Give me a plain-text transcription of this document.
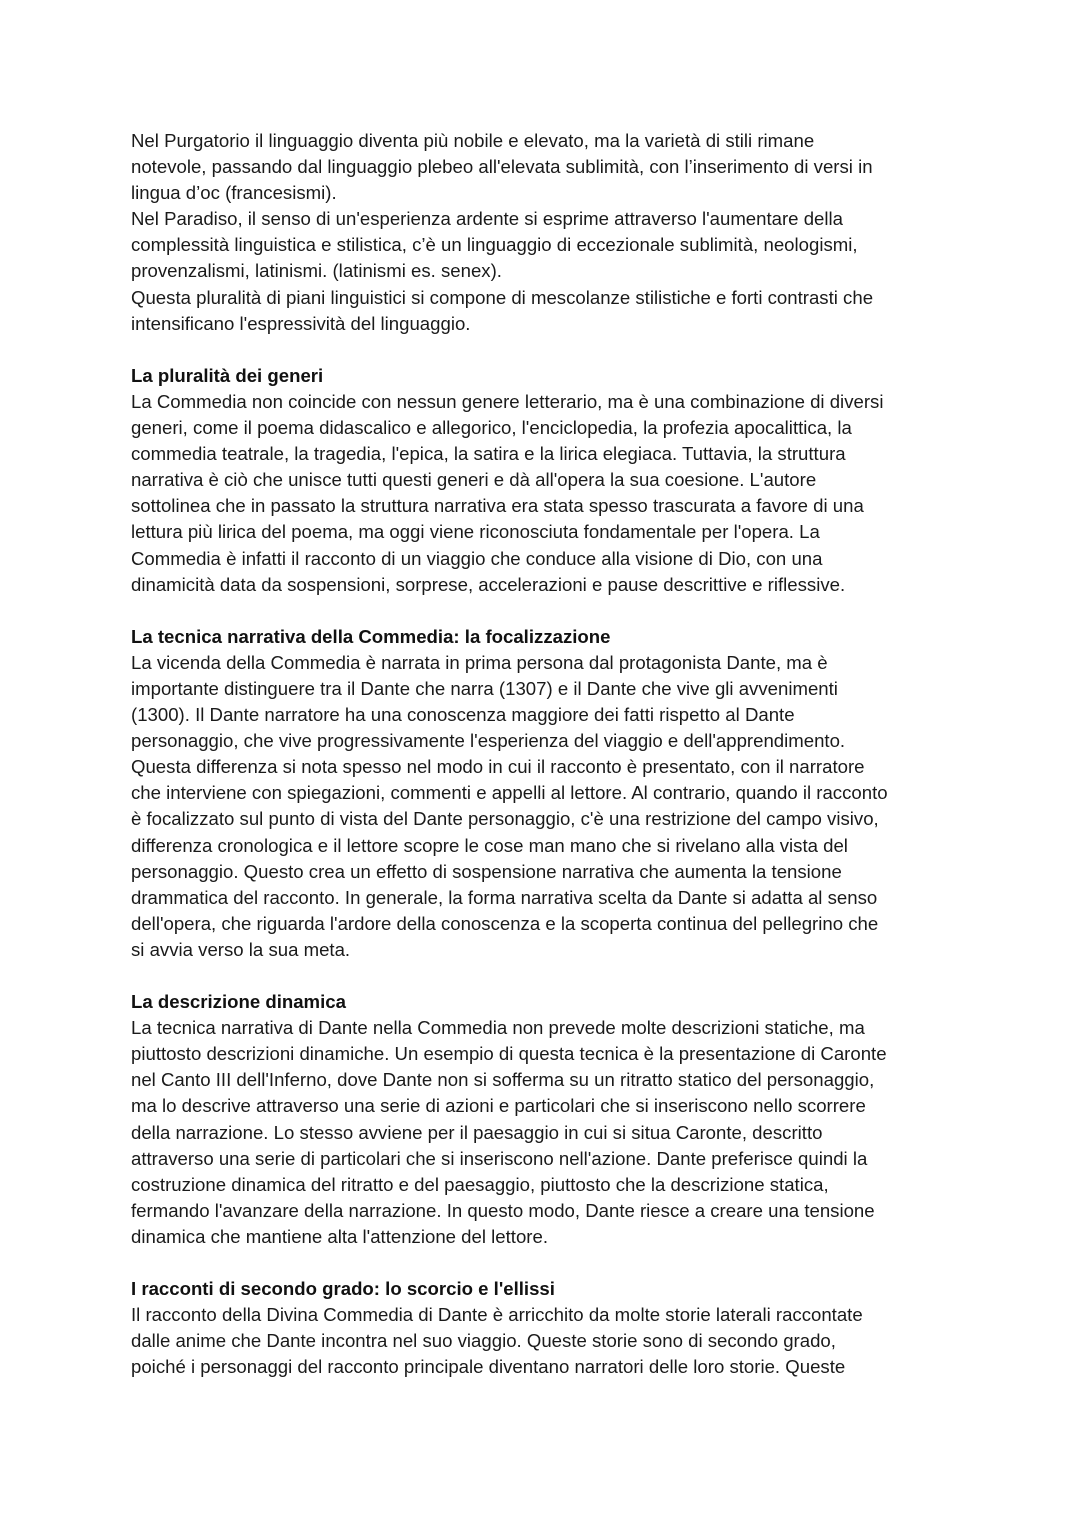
Nel Purgatorio il linguaggio diventa più nobile e elevato, ma la varietà di stili rimane
notevole, passando dal linguaggio plebeo all'elevata sublimità, con l’inserimento di versi in
lingua d’oc (francesismi).

Nel Paradiso, il senso di un'esperienza ardente si esprime attraverso l'aumentare della
complessità linguistica e stilistica, c’è un linguaggio di eccezionale sublimità, neologismi,
provenzalismi, latinismi. (latinismi es. senex).

Questa pluralità di piani linguistici si compone di mescolanze stilistiche e forti contrasti che
intensificano l'espressività del linguaggio.

La pluralità dei generi

La Commedia non coincide con nessun genere letterario, ma è una combinazione di diversi
generi, come il poema didascalico e allegorico, l'enciclopedia, la profezia apocalittica, la
commedia teatrale, la tragedia, l'epica, la satira e la lirica elegiaca. Tuttavia, la struttura
narrativa è ciò che unisce tutti questi generi e dà all'opera la sua coesione. L'autore
sottolinea che in passato la struttura narrativa era stata spesso trascurata a favore di una
lettura più lirica del poema, ma oggi viene riconosciuta fondamentale per l'opera. La
Commedia è infatti il racconto di un viaggio che conduce alla visione di Dio, con una
dinamicità data da sospensioni, sorprese, accelerazioni e pause descrittive e riflessive.

La tecnica narrativa della Commedia: la focalizzazione

La vicenda della Commedia è narrata in prima persona dal protagonista Dante, ma è
importante distinguere tra il Dante che narra (1307) e il Dante che vive gli avvenimenti
(1300). Il Dante narratore ha una conoscenza maggiore dei fatti rispetto al Dante
personaggio, che vive progressivamente l'esperienza del viaggio e dell'apprendimento.
Questa differenza si nota spesso nel modo in cui il racconto è presentato, con il narratore
che interviene con spiegazioni, commenti e appelli al lettore. Al contrario, quando il racconto
è focalizzato sul punto di vista del Dante personaggio, c'è una restrizione del campo visivo,
differenza cronologica e il lettore scopre le cose man mano che si rivelano alla vista del
personaggio. Questo crea un effetto di sospensione narrativa che aumenta la tensione
drammatica del racconto. In generale, la forma narrativa scelta da Dante si adatta al senso
dell'opera, che riguarda l'ardore della conoscenza e la scoperta continua del pellegrino che
si avvia verso la sua meta.

La descrizione dinamica

La tecnica narrativa di Dante nella Commedia non prevede molte descrizioni statiche, ma
piuttosto descrizioni dinamiche. Un esempio di questa tecnica è la presentazione di Caronte
nel Canto III dell'Inferno, dove Dante non si sofferma su un ritratto statico del personaggio,
ma lo descrive attraverso una serie di azioni e particolari che si inseriscono nello scorrere
della narrazione. Lo stesso avviene per il paesaggio in cui si situa Caronte, descritto
attraverso una serie di particolari che si inseriscono nell'azione. Dante preferisce quindi la
costruzione dinamica del ritratto e del paesaggio, piuttosto che la descrizione statica,
fermando l'avanzare della narrazione. In questo modo, Dante riesce a creare una tensione
dinamica che mantiene alta l'attenzione del lettore.

I racconti di secondo grado: lo scorcio e l'ellissi

Il racconto della Divina Commedia di Dante è arricchito da molte storie laterali raccontate
dalle anime che Dante incontra nel suo viaggio. Queste storie sono di secondo grado,
poiché i personaggi del racconto principale diventano narratori delle loro storie. Queste
